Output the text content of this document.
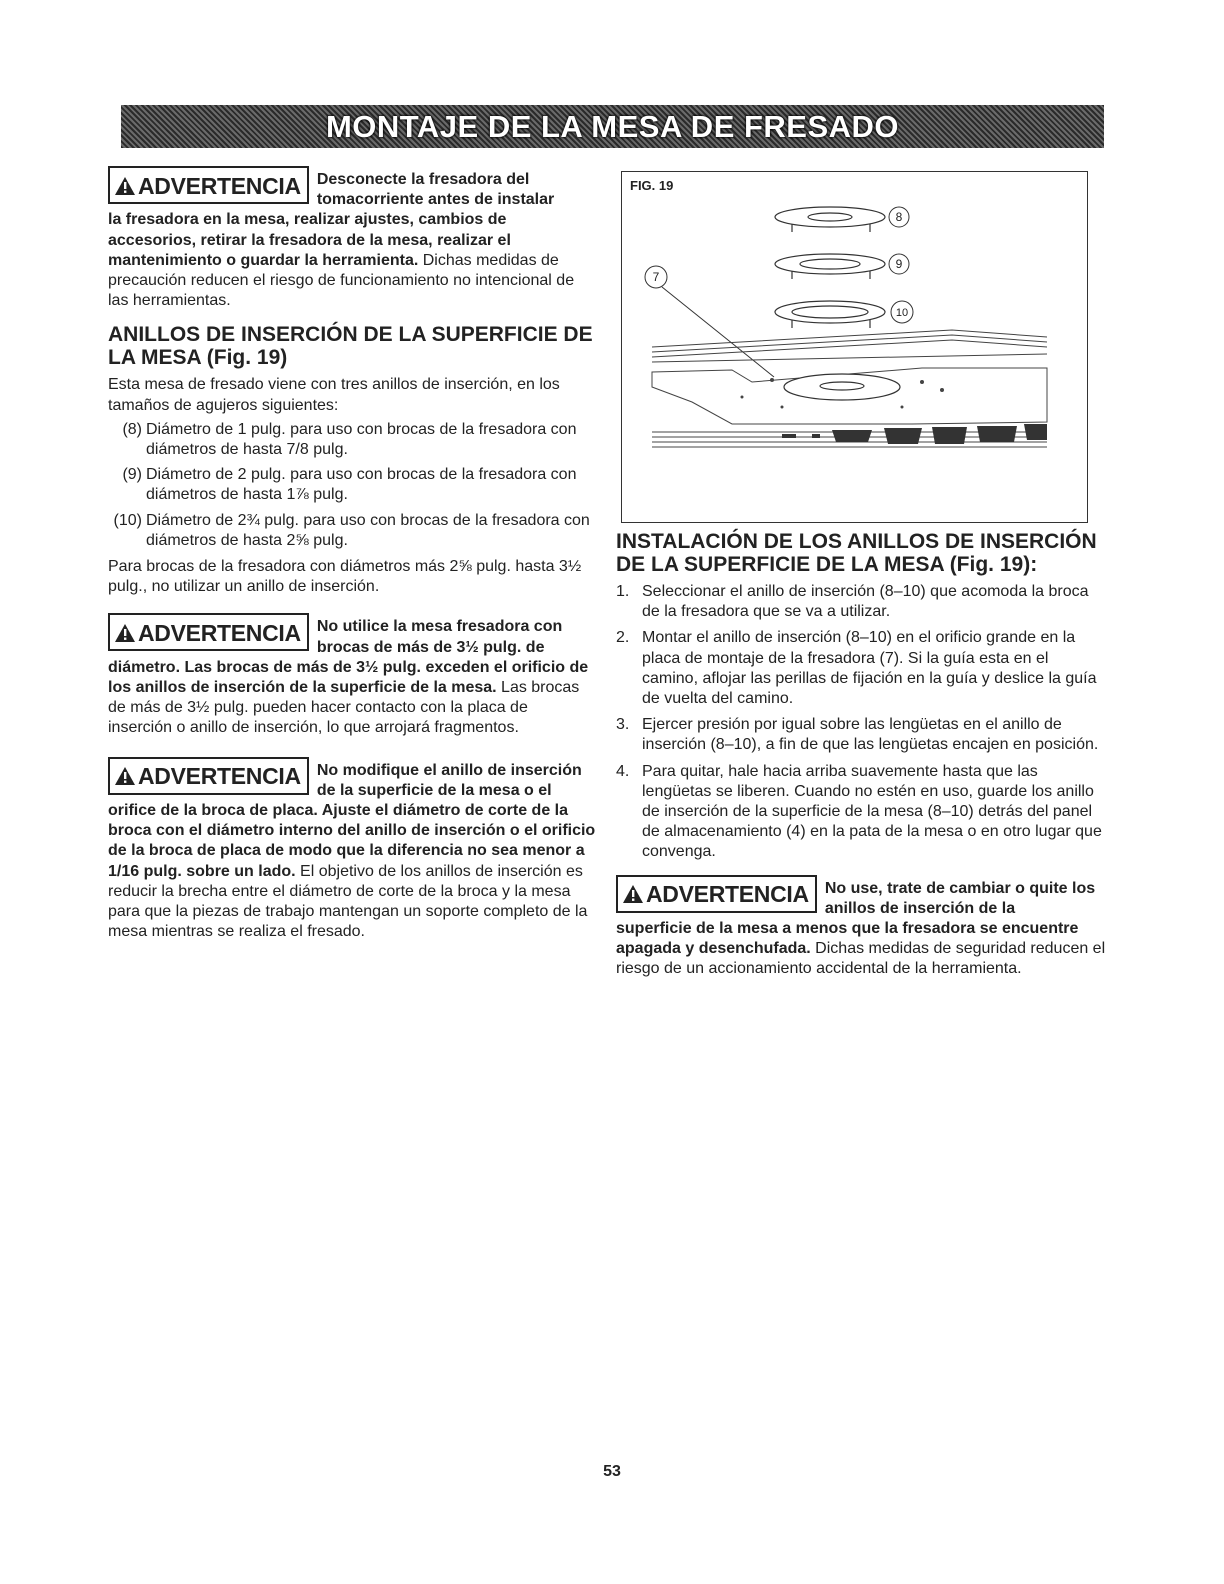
MONTAJE DE LA MESA DE FRESADO
ADVERTENCIA Desconecte la fresadora del tomacorriente antes de instalar
la fresadora en la mesa, realizar ajustes, cambios de accesorios, retirar la fresadora de la mesa, realizar el mantenimiento o guardar la herramienta. Dichas medidas de precaución reducen el riesgo de funcionamiento no intencional de las herramientas.
ANILLOS DE INSERCIÓN DE LA SUPERFICIE DE LA MESA (Fig. 19)

Esta mesa de fresado viene con tres anillos de inserción, en los tamaños de agujeros siguientes:

(8) Diámetro de 1 pulg. para uso con brocas de la fresadora con diámetros de hasta 7/8 pulg.
(9) Diámetro de 2 pulg. para uso con brocas de la fresadora con diámetros de hasta 1⅞ pulg.
(10) Diámetro de 2¾ pulg. para uso con brocas de la fresadora con diámetros de hasta 2⅝ pulg.

Para brocas de la fresadora con diámetros más 2⅝ pulg. hasta 3½ pulg., no utilizar un anillo de inserción.

ADVERTENCIA No utilice la mesa fresadora con brocas de más de 3½ pulg. de
diámetro. Las brocas de más de 3½ pulg. exceden el orificio de los anillos de inserción de la superficie de la mesa. Las brocas de más de 3½ pulg. pueden hacer contacto con la placa de inserción o anillo de inserción, lo que arrojará fragmentos.
ADVERTENCIA No modifique el anillo de inserción de la superficie de la mesa o el
orifice de la broca de placa. Ajuste el diámetro de corte de la broca con el diámetro interno del anillo de inserción o el orificio de la broca de placa de modo que la diferencia no sea menor a 1/16 pulg. sobre un lado. El objetivo de los anillos de inserción es reducir la brecha entre el diámetro de corte de la broca y la mesa para que la piezas de trabajo mantengan un soporte completo de la mesa mientras se realiza el fresado.
FIG. 19
8
9
10
7
INSTALACIÓN DE LOS ANILLOS DE INSERCIÓN DE LA SUPERFICIE DE LA MESA (Fig. 19):
1. Seleccionar el anillo de inserción (8–10) que acomoda la broca de la fresadora que se va a utilizar.
2. Montar el anillo de inserción (8–10) en el orificio grande en la placa de montaje de la fresadora (7). Si la guía esta en el camino, aflojar las perillas de fijación en la guía y deslice la guía de vuelta del camino.
3. Ejercer presión por igual sobre las lengüetas en el anillo de inserción (8–10), a fin de que las lengüetas encajen en posición.
4. Para quitar, hale hacia arriba suavemente hasta que las lengüetas se liberen. Cuando no estén en uso, guarde los anillo de inserción de la superficie de la mesa (8–10) detrás del panel de almacenamiento (4) en la pata de la mesa o en otro lugar que convenga.
ADVERTENCIA No use, trate de cambiar o quite los anillos de inserción de la
superficie de la mesa a menos que la fresadora se encuentre apagada y desenchufada. Dichas medidas de seguridad reducen el riesgo de un accionamiento accidental de la herramienta.
53
